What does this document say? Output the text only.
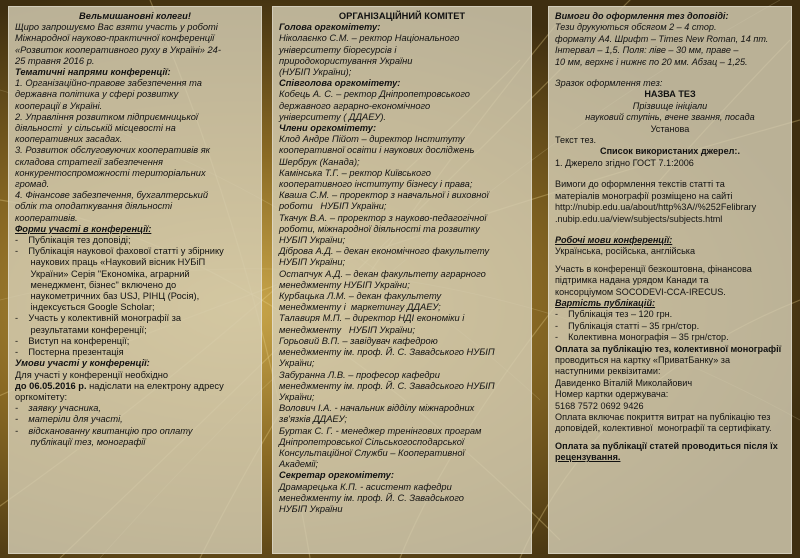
Вельмишановні колеги!

Щиро запрошуємо Вас взяти участь у роботі

Міжнародної науково-практичної конференції

«Розвиток кооперативного руху в Україні» 24-

25 травня 2016 р.

Тематичні напрями конференції:

1. Організаційно-правове забезпечення та

державна політика у сфері розвитку

кооперації в Україні.

2. Управління розвитком підприємницької

діяльності  у сільській місцевості на

кооперативних засадах.

3. Розвиток обслуговуючих кооперативів як

складова стратегії забезпечення

конкурентоспроможності територіальних

громад.

4. Фінансове забезпечення, бухгалтерський

облік та оподаткування діяльності

кооперативів.

Форми участі в конференції:

-    Публікація тез доповіді;

-    Публікація наукової фахової статті у збірнику

наукових праць «Науковий вісник НУБіП

України» Серія "Економіка, аграрний

менеджмент, бізнес" включено до

наукометричних баз USJ, РІНЦ (Росія),

індексується Google Scholar;

-    Участь у колективній монографії за

результатами конференції;

-    Виступ на конференції;

-    Постерна презентація

Умови участі у конференції:

Для участі у конференції необхідно

до 06.05.2016 р. надіслати на електрону адресу

оргкомітету:

-    заявку учасника,

-    матеріли для участі,

-    відсканованну квитанцію про оплату

публікації тез, монографії

ОРГАНІЗАЦІЙНИЙ КОМІТЕТ

Голова оргкомітету:

Ніколаєнко С.М. – ректор Національного

університету біоресурсів і

природокористування України

(НУБІП України);

Співголова оргкомітету:

Кобець А. С. – ректор Дніпропетровського

державного аграрно-економічного

університету ( ДДАЕУ).

Члени оргкомітету:

Клод Андре Пійот – директор Інституту

кооперативної освіти і наукових досліджень

Шербрук (Канада);

Камінська Т.Г. – ректор Київського

кооперативного інституту бізнесу і права;

Кваша С.М. – проректор з навчальної і виховної

роботи   НУБІП України;

Ткачук В.А. – проректор з науково-педагогічної

роботи, міжнародної діяльності та розвитку

НУБІП України;

Діброва А.Д. – декан економічного факультету

НУБІП України;

Остапчук А.Д. – декан факультету аграрного

менеджменту НУБІП України;

Курбацька Л.М. – декан факультету

менеджменту і  маркетингу ДДАЕУ;

Талавиря М.П. – директор НДІ економіки і

менеджменту   НУБІП України;

Горьовий В.П. – завідувач кафедрою

менеджменту ім. проф. Й. С. Завадського НУБІП

України;

Забуранна Л.В. – професор кафедри

менеджменту ім. проф. Й. С. Завадського НУБІП

України;

Волович І.А. - начальник відділу міжнародних

зв'язків ДДАЕУ;

Буртак С. Г. - менеджер тренінгових програм

Дніпропетровської Сільськогосподарської

Консультаційної Служби – Кооперативної

Академії;

Секретар оргкомітету:

Драмарецька К.П. - асистент кафедри

менеджменту ім. проф. Й. С. Завадського

НУБІП України

Вимоги до оформлення тез доповіді:

Тези друкуються обсягом 2 – 4 стор.

формату А4. Шрифт – Times New Roman, 14 пт.

Інтервал – 1,5. Поля: ліве – 30 мм, праве –

10 мм, верхнє і нижнє по 20 мм. Абзац – 1,25.

Зразок оформлення тез:

НАЗВА ТЕЗ

Прізвище ініціали

науковий ступінь, вчене звання, посада

Установа

Текст тез.

Список використаних джерел:.

1. Джерело згідно ГОСТ 7.1:2006

Вимоги до оформлення текстів статті та

матеріалів монографії розміщено на сайті

http://nubip.edu.ua/about/http%3A//%252Felibrary

.nubip.edu.ua/view/subjects/subjects.html

Робочі мови конференції:

Українська, російська, англійська

Участь в конференції безкоштовна, фінансова

підтримка надана урядом Канади та

консорціумом SOCODEVI-CCA-IRECUS.

Вартість публікацій:

-    Публікація тез – 120 грн.

-    Публікація статті – 35 грн/стор.

-    Колективна монографія – 35 грн/стор.

Оплата за публікацію тез, колективної монографії

проводиться на картку «ПриватБанку» за

наступними реквізитами:

Давиденко Віталій Миколайович

Номер картки одержувача:

5168 7572 0692 9426

Оплата включає покриття витрат на публікацію тез

доповідей, колективної  монографії та сертифікату.

Оплата за публікації статей проводиться після їх

рецензування.
